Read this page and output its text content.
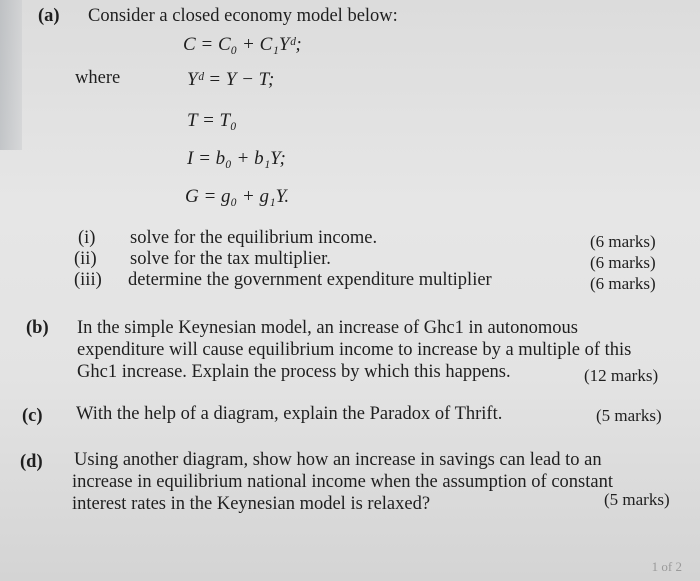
(a) Consider a closed economy model below:
C = C₀ + C₁Yᵈ;
where	Yᵈ = Y − T;
T = T₀
I = b₀ + b₁Y;
G = g₀ + g₁Y.
(i) solve for the equilibrium income.	(6 marks)
(ii) solve for the tax multiplier.	(6 marks)
(iii) determine the government expenditure multiplier	(6 marks)
(b) In the simple Keynesian model, an increase of Ghc1 in autonomous
expenditure will cause equilibrium income to increase by a multiple of this
Ghc1 increase. Explain the process by which this happens.	(12 marks)
(c) With the help of a diagram, explain the Paradox of Thrift.	(5 marks)
(d) Using another diagram, show how an increase in savings can lead to an
increase in equilibrium national income when the assumption of constant
interest rates in the Keynesian model is relaxed?	(5 marks)
1 of 2
